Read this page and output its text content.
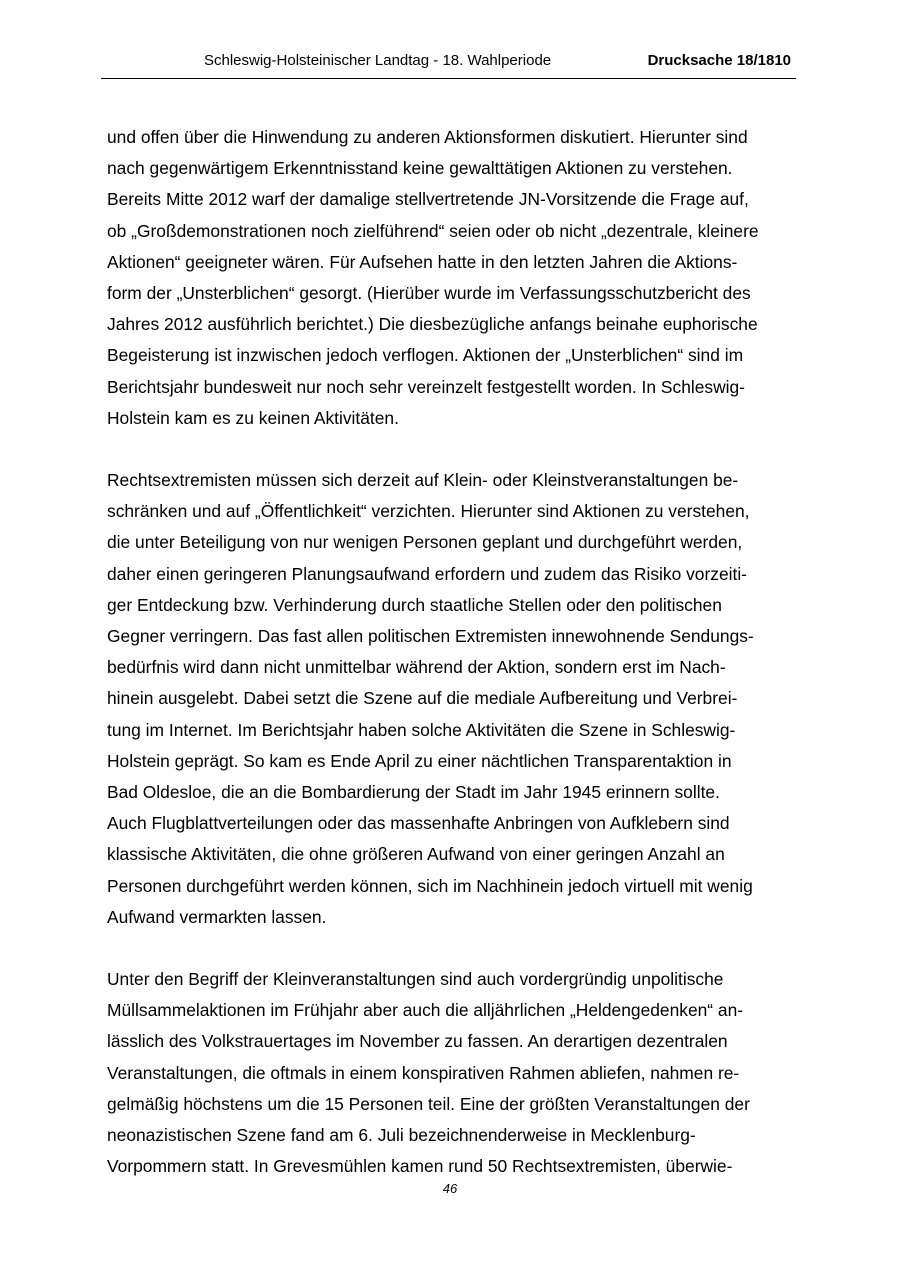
Schleswig-Holsteinischer Landtag - 18. Wahlperiode	Drucksache 18/1810
und offen über die Hinwendung zu anderen Aktionsformen diskutiert. Hierunter sind
nach gegenwärtigem Erkenntnisstand keine gewalttätigen Aktionen zu verstehen.
Bereits Mitte 2012 warf der damalige stellvertretende JN-Vorsitzende die Frage auf,
ob „Großdemonstrationen noch zielführend“ seien oder ob nicht „dezentrale, kleinere
Aktionen“ geeigneter wären. Für Aufsehen hatte in den letzten Jahren die Aktions-
form der „Unsterblichen“ gesorgt. (Hierüber wurde im Verfassungsschutzbericht des
Jahres 2012 ausführlich berichtet.) Die diesbezügliche anfangs beinahe euphorische
Begeisterung ist inzwischen jedoch verflogen. Aktionen der „Unsterblichen“ sind im
Berichtsjahr bundesweit nur noch sehr vereinzelt festgestellt worden. In Schleswig-
Holstein kam es zu keinen Aktivitäten.
Rechtsextremisten müssen sich derzeit auf Klein- oder Kleinstveranstaltungen be-
schränken und auf „Öffentlichkeit“ verzichten. Hierunter sind Aktionen zu verstehen,
die unter Beteiligung von nur wenigen Personen geplant und durchgeführt werden,
daher einen geringeren Planungsaufwand erfordern und zudem das Risiko vorzeiti-
ger Entdeckung bzw. Verhinderung durch staatliche Stellen oder den politischen
Gegner verringern. Das fast allen politischen Extremisten innewohnende Sendungs-
bedürfnis wird dann nicht unmittelbar während der Aktion, sondern erst im Nach-
hinein ausgelebt. Dabei setzt die Szene auf die mediale Aufbereitung und Verbrei-
tung im Internet. Im Berichtsjahr haben solche Aktivitäten die Szene in Schleswig-
Holstein geprägt. So kam es Ende April zu einer nächtlichen Transparentaktion in
Bad Oldesloe, die an die Bombardierung der Stadt im Jahr 1945 erinnern sollte.
Auch Flugblattverteilungen oder das massenhafte Anbringen von Aufklebern sind
klassische Aktivitäten, die ohne größeren Aufwand von einer geringen Anzahl an
Personen durchgeführt werden können, sich im Nachhinein jedoch virtuell mit wenig
Aufwand vermarkten lassen.
Unter den Begriff der Kleinveranstaltungen sind auch vordergründig unpolitische
Müllsammelaktionen im Frühjahr aber auch die alljährlichen „Heldengedenken“ an-
lässlich des Volkstrauertages im November zu fassen. An derartigen dezentralen
Veranstaltungen, die oftmals in einem konspirativen Rahmen abliefen, nahmen re-
gelmäßig höchstens um die 15 Personen teil. Eine der größten Veranstaltungen der
neonazistischen Szene fand am 6. Juli bezeichnenderweise in Mecklenburg-
Vorpommern statt. In Grevesmühlen kamen rund 50 Rechtsextremisten, überwie-
46
